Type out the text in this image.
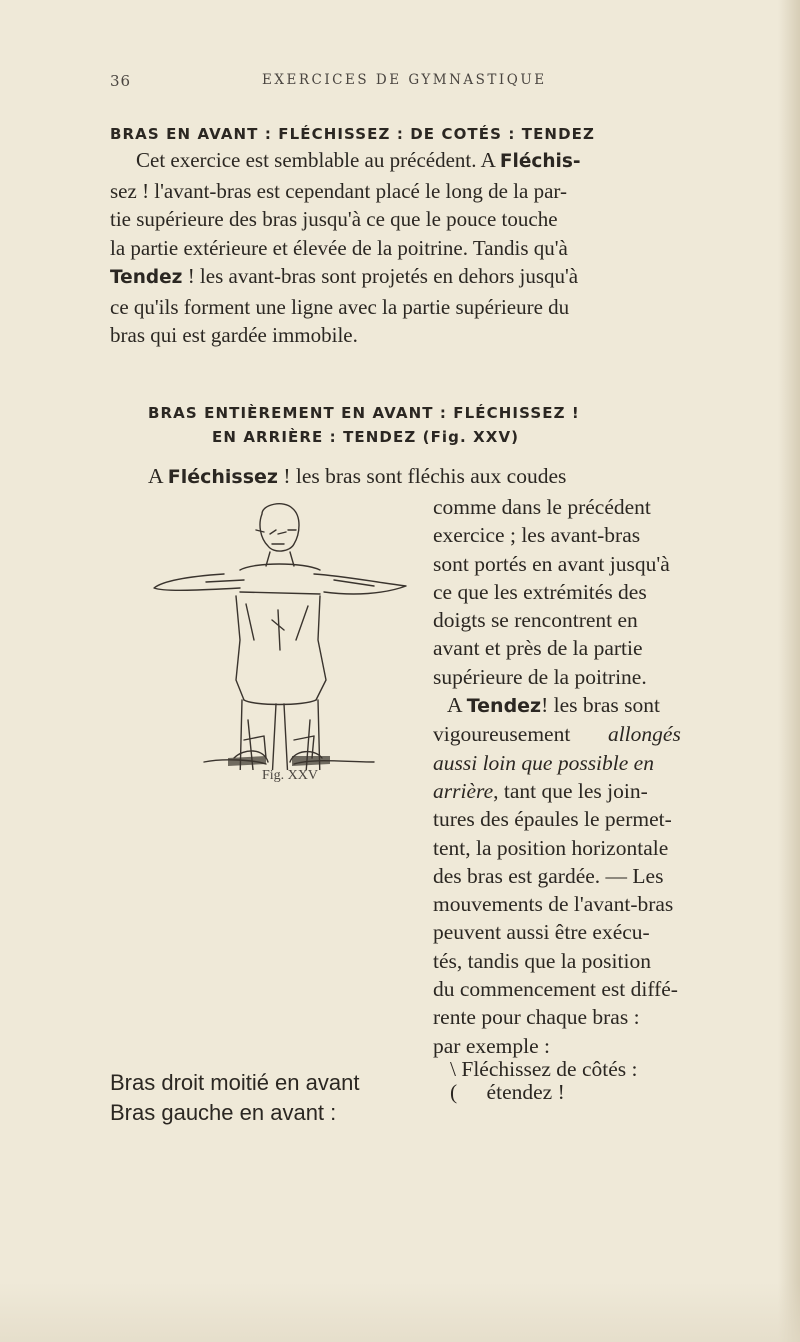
36	EXERCICES DE GYMNASTIQUE
BRAS EN AVANT : FLÉCHISSEZ : DE COTÉS : TENDEZ
Cet exercice est semblable au précédent. A Fléchis-
sez ! l'avant-bras est cependant placé le long de la par-
tie supérieure des bras jusqu'à ce que le pouce touche
la partie extérieure et élevée de la poitrine. Tandis qu'à
Tendez ! les avant-bras sont projetés en dehors jusqu'à
ce qu'ils forment une ligne avec la partie supérieure du
bras qui est gardée immobile.
BRAS ENTIÈREMENT EN AVANT : FLÉCHISSEZ !
EN ARRIÈRE : TENDEZ (Fig. XXV)
A Fléchissez ! les bras sont fléchis aux coudes
comme dans le précédent
exercice ; les avant-bras
sont portés en avant jusqu'à
ce que les extrémités des
doigts se rencontrent en
avant et près de la partie
supérieure de la poitrine.
A Tendez! les bras sont
vigoureusement allongés
aussi loin que possible en
arrière, tant que les join-
tures des épaules le permet-
tent, la position horizontale
des bras est gardée. — Les
mouvements de l'avant-bras
peuvent aussi être exécu-
tés, tandis que la position
du commencement est diffé-
rente pour chaque bras :
par exemple :
\ Fléchissez de côtés :
( étendez !
Fig. XXV
Bras droit moitié en avant
Bras gauche en avant :
